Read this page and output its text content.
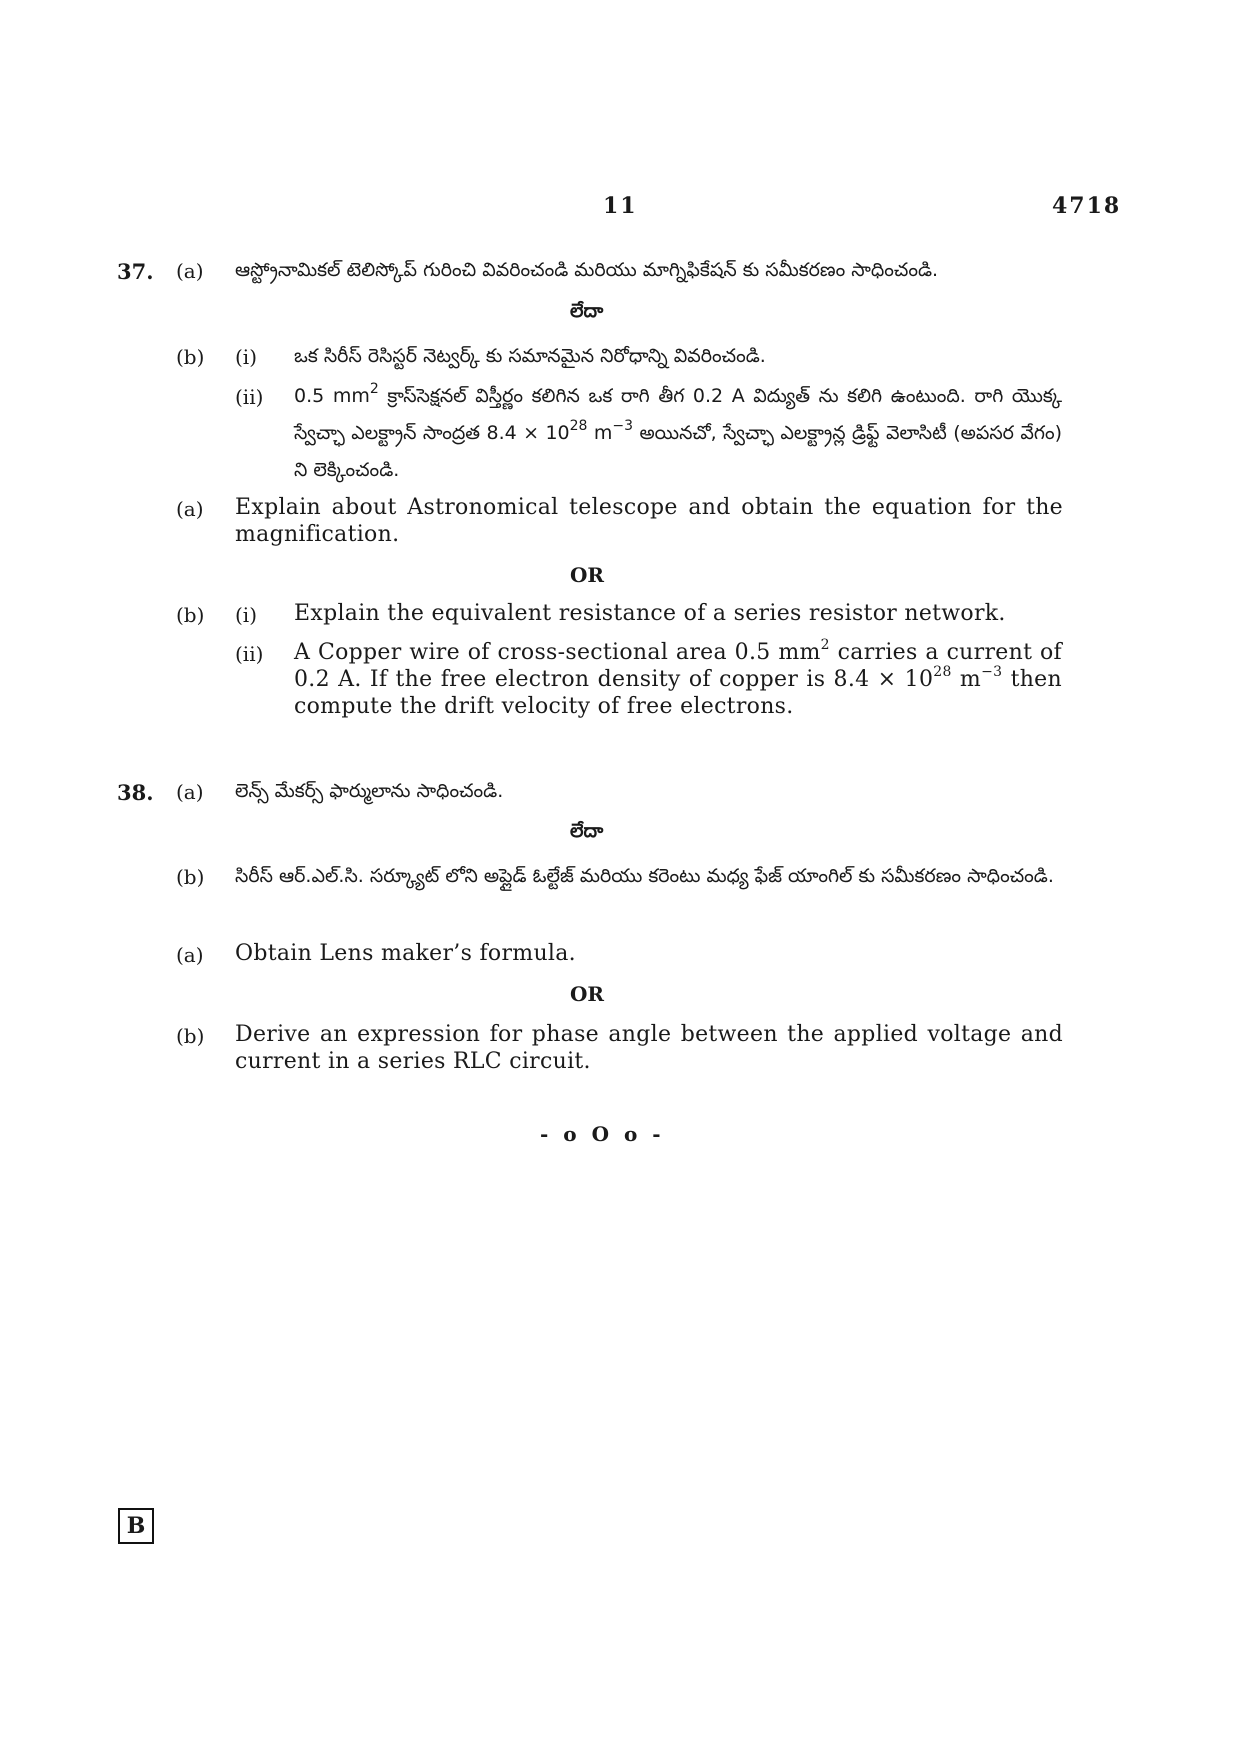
11	4718
37. (a) ఆస్ట్రోనామికల్ టెలిస్కోప్ గురించి వివరించండి మరియు మాగ్నిఫికేషన్ కు సమీకరణం సాధించండి.
లేదా
(b) (i) ఒక సిరీస్ రెసిస్టర్ నెట్వర్క్ కు సమానమైన నిరోధాన్ని వివరించండి.
(ii) 0.5 $mm^2$ క్రాస్‌సెక్షనల్ విస్తీర్ణం కలిగిన ఒక రాగి తీగ 0.2 A విద్యుత్ ను కలిగి ఉంటుంది. రాగి యొక్క స్వేచ్ఛా ఎలక్ట్రాన్ సాంద్రత $8.4 \times 10^{28}$ $m^{-3}$ అయినచో, స్వేచ్ఛా ఎలక్ట్రాన్ల డ్రిఫ్ట్ వెలాసిటీ (అపసర వేగం) ని లెక్కించండి.
(a) Explain about Astronomical telescope and obtain the equation for the magnification.
OR
(b) (i) Explain the equivalent resistance of a series resistor network.
(ii) A Copper wire of cross-sectional area 0.5 $mm^2$ carries a current of 0.2 A. If the free electron density of copper is $8.4 \times 10^{28}$ $m^{-3}$ then compute the drift velocity of free electrons.
38. (a) లెన్స్ మేకర్స్ ఫార్ములాను సాధించండి.
లేదా
(b) సిరీస్ ఆర్.ఎల్.సి. సర్క్యూట్ లోని అప్లైడ్ ఓల్టేజ్ మరియు కరెంటు మధ్య ఫేజ్ యాంగిల్ కు సమీకరణం సాధించండి.
(a) Obtain Lens maker’s formula.
OR
(b) Derive an expression for phase angle between the applied voltage and current in a series RLC circuit.
- o O o -
B
